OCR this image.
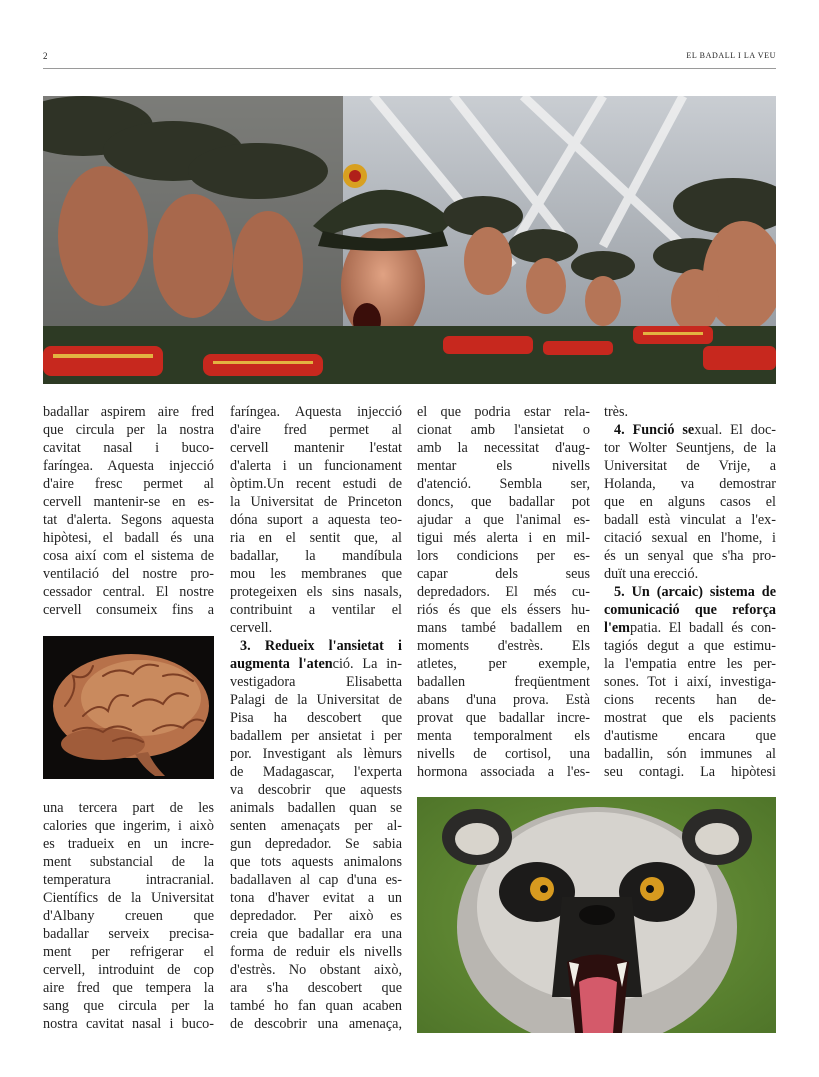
2	EL BADALL I LA VEU

badallar aspirem aire fred

que circula per la nostra

cavitat nasal i buco-

faríngea. Aquesta injecció

d'aire fresc permet al

cervell mantenir-se en es-

tat d'alerta. Segons aquesta

hipòtesi, el badall és una

cosa així com el sistema de

ventilació del nostre pro-

cessador central. El nostre

cervell consumeix fins a

una tercera part de les

calories que ingerim, i això

es tradueix en un incre-

ment substancial de la

temperatura intracranial.

Científics de la Universitat

d'Albany creuen que

badallar serveix precisa-

ment per refrigerar el

cervell, introduint de cop

aire fred que tempera la

sang que circula per la

nostra cavitat nasal i buco-

faríngea. Aquesta injecció

d'aire fred permet al

cervell mantenir l'estat

d'alerta i un funcionament

òptim.Un recent estudi de

la Universitat de Princeton

dóna suport a aquesta teo-

ria en el sentit que, al

badallar, la mandíbula

mou les membranes que

protegeixen els sins nasals,

contribuint a ventilar el

cervell.

3. Redueix l'ansietat i

augmenta l'atenció. La in-

vestigadora Elisabetta

Palagi de la Universitat de

Pisa ha descobert que

badallem per ansietat i per

por. Investigant als lèmurs

de Madagascar, l'experta

va descobrir que aquests

animals badallen quan se

senten amenaçats per al-

gun depredador. Se sabia

que tots aquests animalons

badallaven al cap d'una es-

tona d'haver evitat a un

depredador. Per això es

creia que badallar era una

forma de reduir els nivells

d'estrès. No obstant això,

ara s'ha descobert que

també ho fan quan acaben

de descobrir una amenaça,

el que podria estar rela-

cionat amb l'ansietat o

amb la necessitat d'aug-

mentar els nivells

d'atenció. Sembla ser,

doncs, que badallar pot

ajudar a que l'animal es-

tigui més alerta i en mil-

lors condicions per es-

capar dels seus

depredadors. El més cu-

riós és que els éssers hu-

mans també badallem en

moments d'estrès. Els

atletes, per exemple,

badallen freqüentment

abans d'una prova. Està

provat que badallar incre-

menta temporalment els

nivells de cortisol, una

hormona associada a l'es-

très.

4. Funció sexual. El doc-

tor Wolter Seuntjens, de la

Universitat de Vrije, a

Holanda, va demostrar

que en alguns casos el

badall està vinculat a l'ex-

citació sexual en l'home, i

és un senyal que s'ha pro-

duït una erecció.

5. Un (arcaic) sistema de

comunicació que reforça

l'empatia. El badall és con-

tagiós degut a que estimu-

la l'empatia entre les per-

sones. Tot i així, investiga-

cions recents han de-

mostrat que els pacients

d'autisme encara que

badallin, són immunes al

seu contagi. La hipòtesi
